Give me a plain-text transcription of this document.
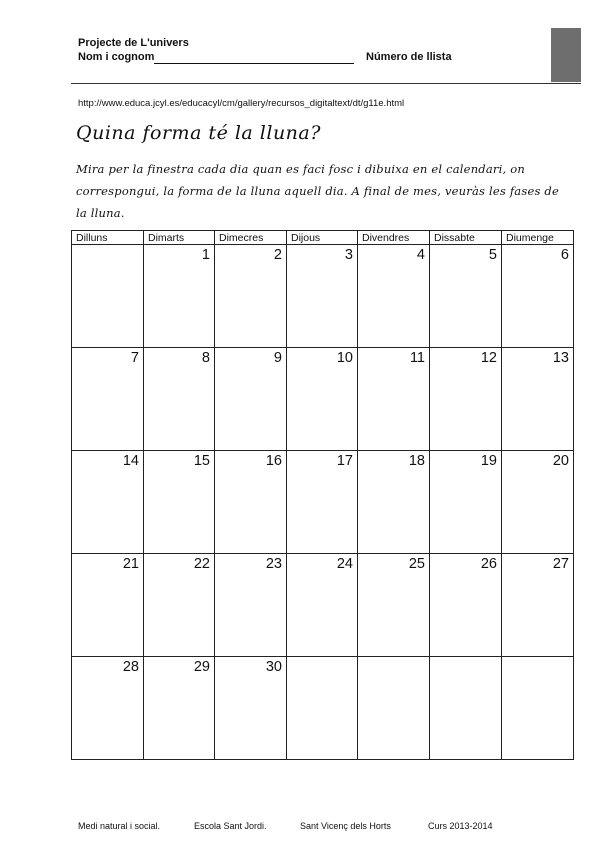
Projecte de L'univers
Nom i cognom	Número de llista
http://www.educa.jcyl.es/educacyl/cm/gallery/recursos_digitaltext/dt/g11e.html
Quina forma té la lluna?
Mira per la finestra cada dia quan es faci fosc i dibuixa en el calendari, on correspongui, la forma de la lluna aquell dia. A final de mes, veuràs les fases de la lluna.
Dilluns	Dimarts	Dimecres	Dijous	Divendres	Dissabte	Diumenge
	1	2	3	4	5	6
7	8	9	10	11	12	13
14	15	16	17	18	19	20
21	22	23	24	25	26	27
28	29	30				
Medi natural i social.	Escola Sant Jordi.	Sant Vicenç dels Horts	Curs 2013-2014
